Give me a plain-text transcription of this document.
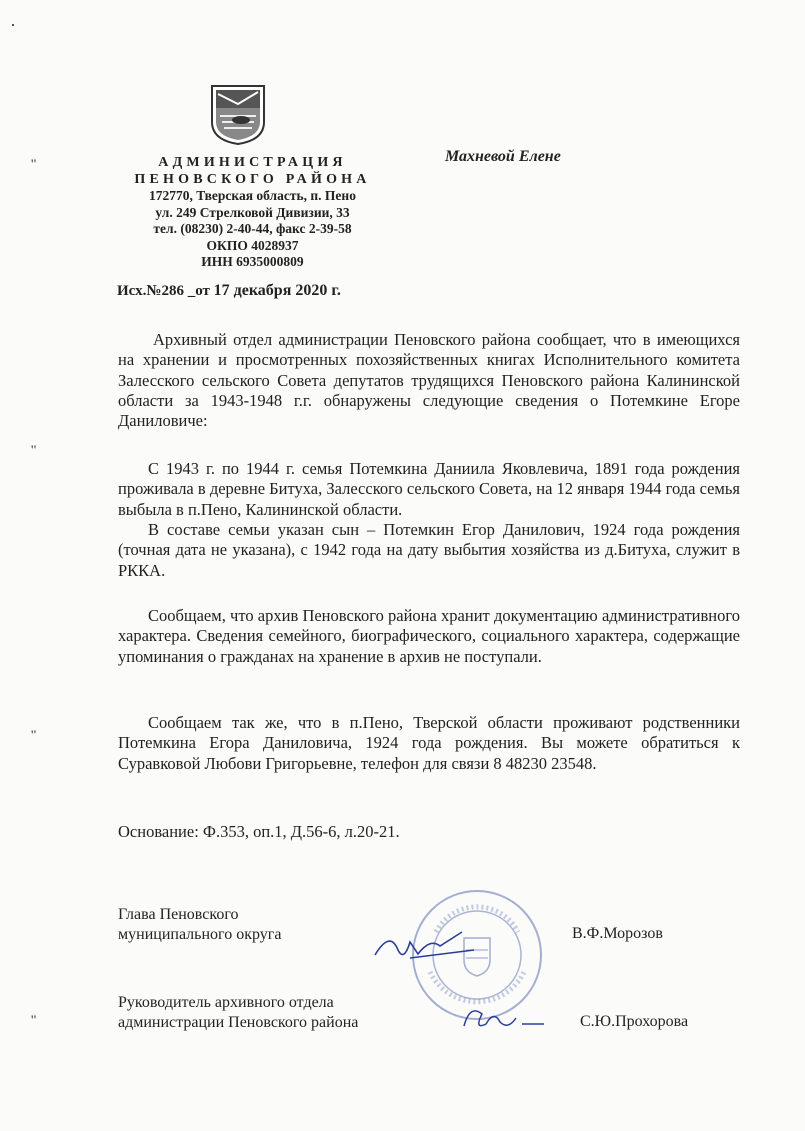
АДМИНИСТРАЦИЯ
ПЕНОВСКОГО РАЙОНА
172770, Тверская область, п. Пено
ул. 249 Стрелковой Дивизии, 33
тел. (08230) 2-40-44, факс 2-39-58
ОКПО 4028937
ИНН 6935000809
Исх.№286 _от 17 декабря 2020 г.
Махневой Елене
"
"
"
"

Архивный отдел администрации Пеновского района сообщает, что в имеющихся на хранении и просмотренных похозяйственных книгах Исполнительного комитета Залесского сельского Совета депутатов трудящихся Пеновского района Калининской области за 1943-1948 г.г. обнаружены следующие сведения о Потемкине Егоре Даниловиче:

С 1943 г. по 1944 г. семья Потемкина Даниила Яковлевича, 1891 года рождения проживала в деревне Битуха, Залесского сельского Совета, на 12 января 1944 года семья выбыла в п.Пено, Калининской области.

В составе семьи указан сын – Потемкин Егор Данилович, 1924 года рождения (точная дата не указана), с 1942 года на дату выбытия хозяйства из д.Битуха, служит в РККА.

Сообщаем, что архив Пеновского района хранит документацию административного характера. Сведения семейного, биографического, социального характера, содержащие упоминания о гражданах на хранение в архив не поступали.

Сообщаем так же, что в п.Пено, Тверской области проживают родственники Потемкина Егора Даниловича, 1924 года рождения. Вы можете обратиться к Суравковой Любови Григорьевне, телефон для связи 8 48230 23548.

Основание: Ф.353, оп.1, Д.56-6, л.20-21.

Глава Пеновского
муниципального округа	В.Ф.Морозов
Руководитель архивного отдела
администрации Пеновского района	С.Ю.Прохорова
